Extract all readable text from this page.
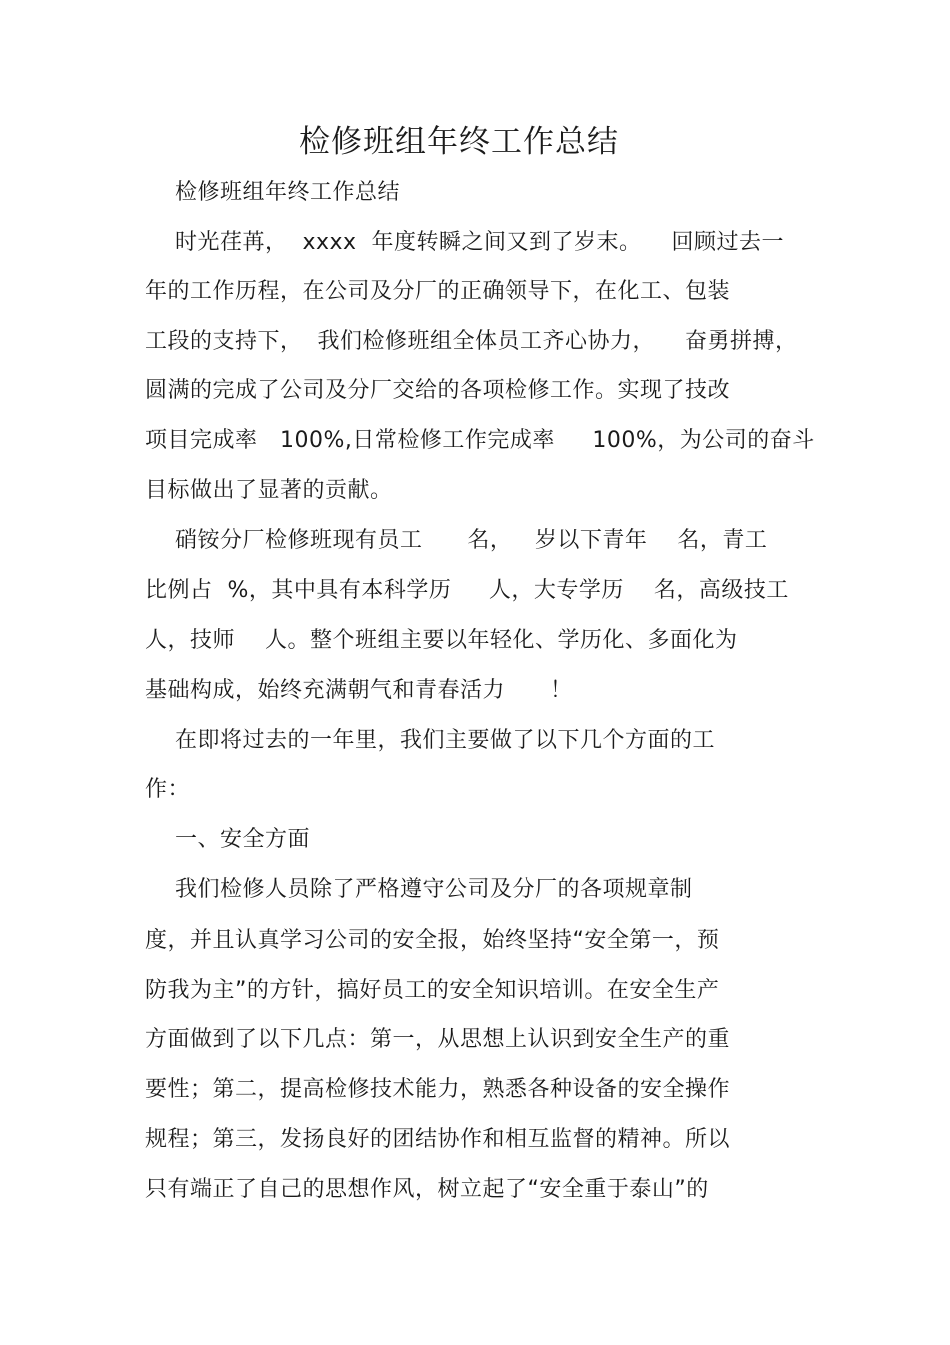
检修班组年终工作总结
检修班组年终工作总结
时光荏苒，  xxxx  年度转瞬之间又到了岁末。    回顾过去一
年的工作历程，在公司及分厂的正确领导下，在化工、包装
工段的支持下，  我们检修班组全体员工齐心协力，    奋勇拼搏，
圆满的完成了公司及分厂交给的各项检修工作。实现了技改
项目完成率   100%,日常检修工作完成率     100%，为公司的奋斗
目标做出了显著的贡献。
硝铵分厂检修班现有员工      名，   岁以下青年    名，青工
比例占  %，其中具有本科学历     人，大专学历    名，高级技工
人，技师    人。整个班组主要以年轻化、学历化、多面化为
基础构成，始终充满朝气和青春活力      ！
在即将过去的一年里，我们主要做了以下几个方面的工
作：
一、安全方面
我们检修人员除了严格遵守公司及分厂的各项规章制
度，并且认真学习公司的安全报，始终坚持“安全第一，预
防我为主”的方针，搞好员工的安全知识培训。在安全生产
方面做到了以下几点：第一，从思想上认识到安全生产的重
要性；第二，提高检修技术能力，熟悉各种设备的安全操作
规程；第三，发扬良好的团结协作和相互监督的精神。所以
只有端正了自己的思想作风，树立起了“安全重于泰山”的
